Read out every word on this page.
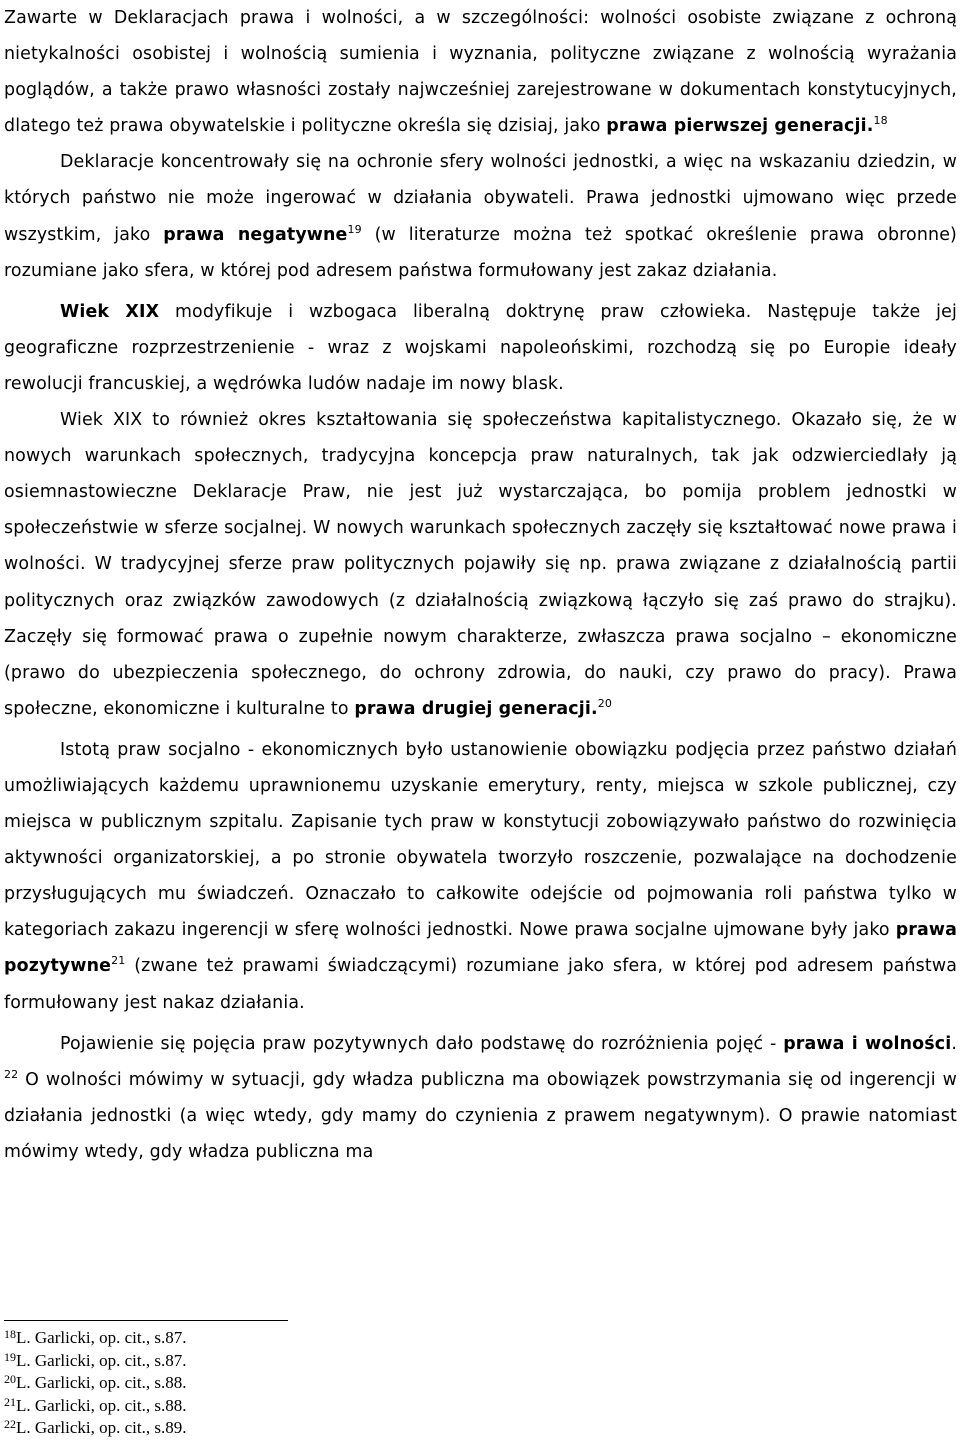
Zawarte w Deklaracjach prawa i wolności, a w szczególności: wolności osobiste związane z ochroną nietykalności osobistej i wolnością sumienia i wyznania, polityczne związane z wolnością wyrażania poglądów, a także prawo własności zostały najwcześniej zarejestrowane w dokumentach konstytucyjnych, dlatego też prawa obywatelskie i polityczne określa się dzisiaj, jako prawa pierwszej generacji.$^{18}$

Deklaracje koncentrowały się na ochronie sfery wolności jednostki, a więc na wskazaniu dziedzin, w których państwo nie może ingerować w działania obywateli. Prawa jednostki ujmowano więc przede wszystkim, jako prawa negatywne$^{19}$ (w literaturze można też spotkać określenie prawa obronne) rozumiane jako sfera, w której pod adresem państwa formułowany jest zakaz działania.

Wiek XIX modyfikuje i wzbogaca liberalną doktrynę praw człowieka. Następuje także jej geograficzne rozprzestrzenienie - wraz z wojskami napoleońskimi, rozchodzą się po Europie ideały rewolucji francuskiej, a wędrówka ludów nadaje im nowy blask.

Wiek XIX to również okres kształtowania się społeczeństwa kapitalistycznego. Okazało się, że w nowych warunkach społecznych, tradycyjna koncepcja praw naturalnych, tak jak odzwierciedlały ją osiemnastowieczne Deklaracje Praw, nie jest już wystarczająca, bo pomija problem jednostki w społeczeństwie w sferze socjalnej. W nowych warunkach społecznych zaczęły się kształtować nowe prawa i wolności. W tradycyjnej sferze praw politycznych pojawiły się np. prawa związane z działalnością partii politycznych oraz związków zawodowych (z działalnością związkową łączyło się zaś prawo do strajku). Zaczęły się formować prawa o zupełnie nowym charakterze, zwłaszcza prawa socjalno – ekonomiczne (prawo do ubezpieczenia społecznego, do ochrony zdrowia, do nauki, czy prawo do pracy). Prawa społeczne, ekonomiczne i kulturalne to prawa drugiej generacji.$^{20}$

Istotą praw socjalno - ekonomicznych było ustanowienie obowiązku podjęcia przez państwo działań umożliwiających każdemu uprawnionemu uzyskanie emerytury, renty, miejsca w szkole publicznej, czy miejsca w publicznym szpitalu. Zapisanie tych praw w konstytucji zobowiązywało państwo do rozwinięcia aktywności organizatorskiej, a po stronie obywatela tworzyło roszczenie, pozwalające na dochodzenie przysługujących mu świadczeń. Oznaczało to całkowite odejście od pojmowania roli państwa tylko w kategoriach zakazu ingerencji w sferę wolności jednostki. Nowe prawa socjalne ujmowane były jako prawa pozytywne$^{21}$ (zwane też prawami świadczącymi) rozumiane jako sfera, w której pod adresem państwa formułowany jest nakaz działania.

Pojawienie się pojęcia praw pozytywnych dało podstawę do rozróżnienia pojęć - prawa i wolności. $^{22}$ O wolności mówimy w sytuacji, gdy władza publiczna ma obowiązek powstrzymania się od ingerencji w działania jednostki (a więc wtedy, gdy mamy do czynienia z prawem negatywnym). O prawie natomiast mówimy wtedy, gdy władza publiczna ma

$^{18}$L. Garlicki, op. cit., s.87.
$^{19}$L. Garlicki, op. cit., s.87.
$^{20}$L. Garlicki, op. cit., s.88.
$^{21}$L. Garlicki, op. cit., s.88.
$^{22}$L. Garlicki, op. cit., s.89.
